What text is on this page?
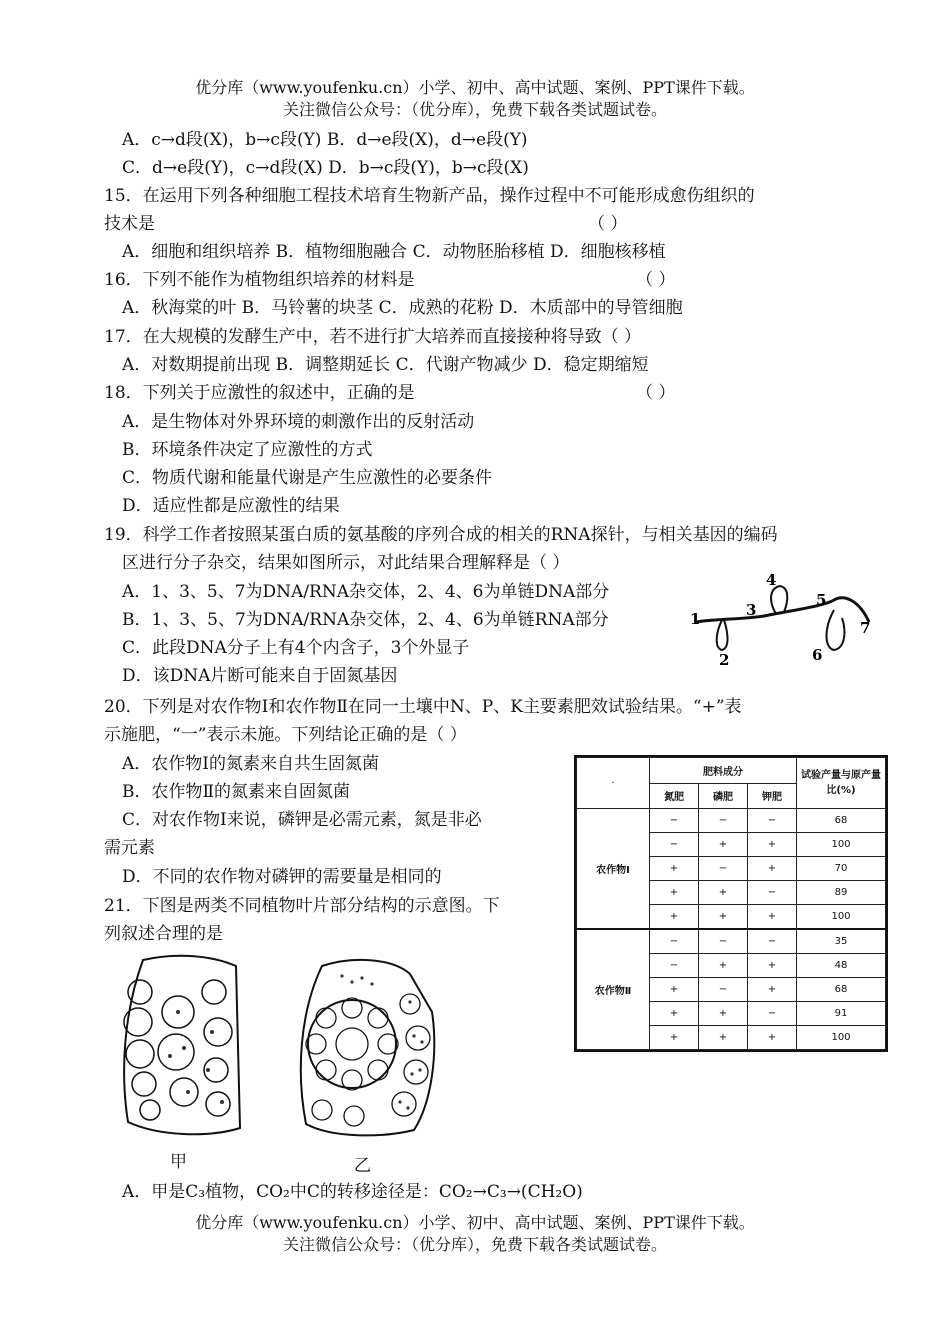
优分库（www.youfenku.cn）小学、初中、高中试题、案例、PPT课件下载。
关注微信公众号：（优分库），免费下载各类试题试卷。
A．c→d段(X)，b→c段(Y) B．d→e段(X)，d→e段(Y)
C．d→e段(Y)，c→d段(X) D．b→c段(Y)，b→c段(X)
15．在运用下列各种细胞工程技术培育生物新产品，操作过程中不可能形成愈伤组织的
技术是	（ ）
A．细胞和组织培养 B．植物细胞融合 C．动物胚胎移植 D．细胞核移植
16．下列不能作为植物组织培养的材料是	（ ）
A．秋海棠的叶 B．马铃薯的块茎 C．成熟的花粉 D．木质部中的导管细胞
17．在大规模的发酵生产中，若不进行扩大培养而直接接种将导致（ ）
A．对数期提前出现 B．调整期延长 C．代谢产物减少 D．稳定期缩短
18．下列关于应激性的叙述中，正确的是	（ ）
A．是生物体对外界环境的刺激作出的反射活动
B．环境条件决定了应激性的方式
C．物质代谢和能量代谢是产生应激性的必要条件
D．适应性都是应激性的结果
19．科学工作者按照某蛋白质的氨基酸的序列合成的相关的RNA探针，与相关基因的编码
区进行分子杂交，结果如图所示，对此结果合理解释是（ ）
A．1、3、5、7为DNA/RNA杂交体，2、4、6为单链DNA部分
B．1、3、5、7为DNA/RNA杂交体，2、4、6为单链RNA部分
C．此段DNA分子上有4个内含子，3个外显子
D．该DNA片断可能来自于固氮基因
1
2
3
4
5
6
7
20．下列是对农作物Ⅰ和农作物Ⅱ在同一土壤中N、P、K主要素肥效试验结果。“+”表
示施肥，“一”表示未施。下列结论正确的是（ ）
A．农作物Ⅰ的氮素来自共生固氮菌
B．农作物Ⅱ的氮素来自固氮菌
C．对农作物Ⅰ来说，磷钾是必需元素，氮是非必
需元素
D．不同的农作物对磷钾的需要量是相同的
·	肥料成分			试验产量与原产量比(%)
	氮肥	磷肥	钾肥	
农作物Ⅰ	−	−	−	68
	−	+	+	100
	+	−	+	70
	+	+	−	89
	+	+	+	100
农作物Ⅱ	−	−	−	35
	−	+	+	48
	+	−	+	68
	+	+	−	91
	+	+	+	100
21．下图是两类不同植物叶片部分结构的示意图。下
列叙述合理的是
甲	乙
A．甲是C₃植物，CO₂中C的转移途径是：CO₂→C₃→(CH₂O)
优分库（www.youfenku.cn）小学、初中、高中试题、案例、PPT课件下载。
关注微信公众号：（优分库），免费下载各类试题试卷。
